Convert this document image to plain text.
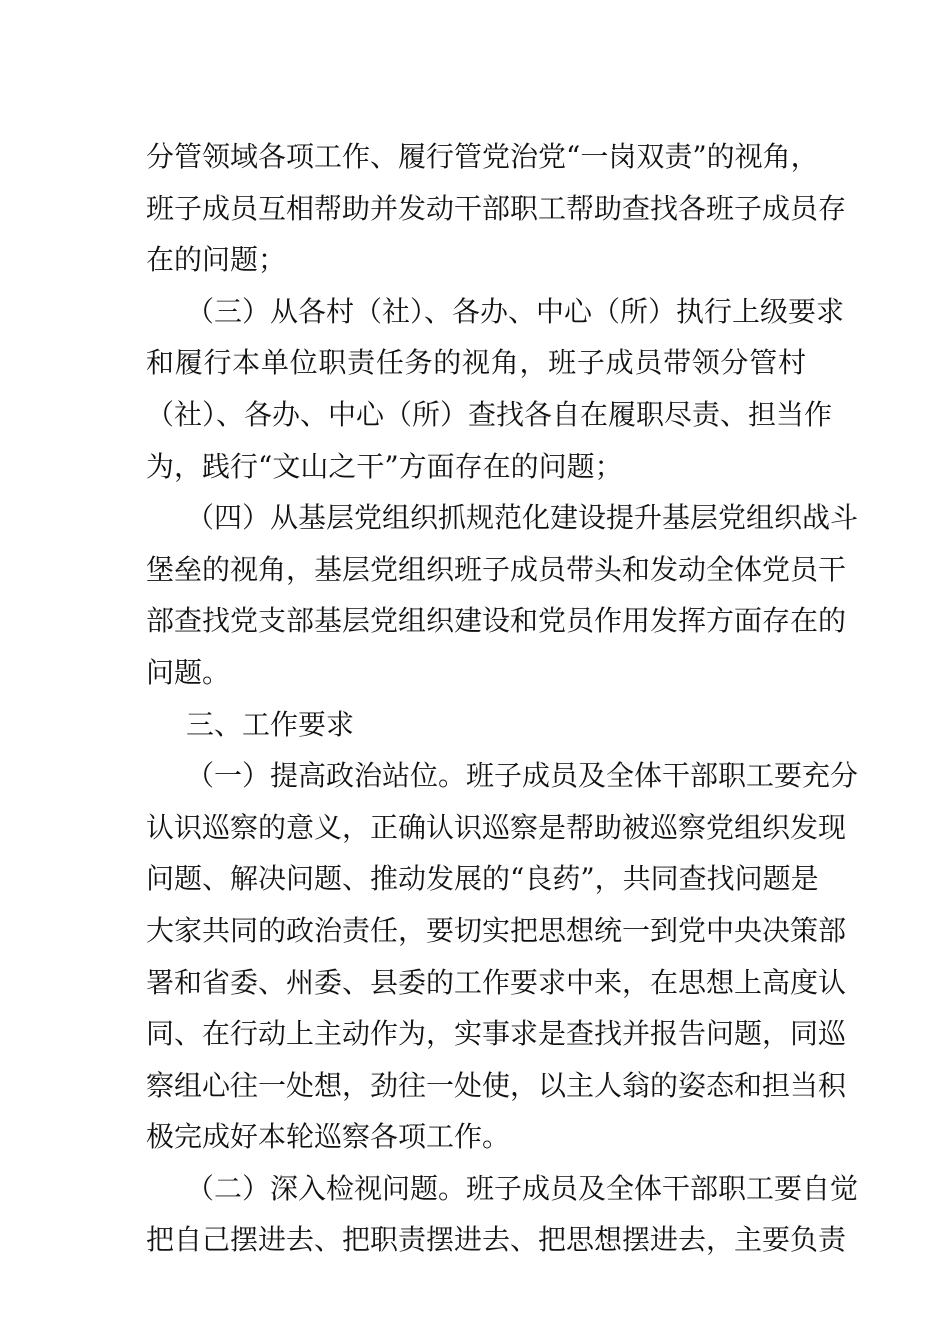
分管领域各项工作、履行管党治党“一岗双责”的视角，
班子成员互相帮助并发动干部职工帮助查找各班子成员存
在的问题；
（三）从各村（社）、各办、中心（所）执行上级要求
和履行本单位职责任务的视角，班子成员带领分管村
（社）、各办、中心（所）查找各自在履职尽责、担当作
为，践行“文山之干”方面存在的问题；
（四）从基层党组织抓规范化建设提升基层党组织战斗
堡垒的视角，基层党组织班子成员带头和发动全体党员干
部查找党支部基层党组织建设和党员作用发挥方面存在的
问题。
三、工作要求
（一）提高政治站位。班子成员及全体干部职工要充分
认识巡察的意义，正确认识巡察是帮助被巡察党组织发现
问题、解决问题、推动发展的“良药”，共同查找问题是
大家共同的政治责任，要切实把思想统一到党中央决策部
署和省委、州委、县委的工作要求中来，在思想上高度认
同、在行动上主动作为，实事求是查找并报告问题，同巡
察组心往一处想，劲往一处使，以主人翁的姿态和担当积
极完成好本轮巡察各项工作。
（二）深入检视问题。班子成员及全体干部职工要自觉
把自己摆进去、把职责摆进去、把思想摆进去，主要负责
